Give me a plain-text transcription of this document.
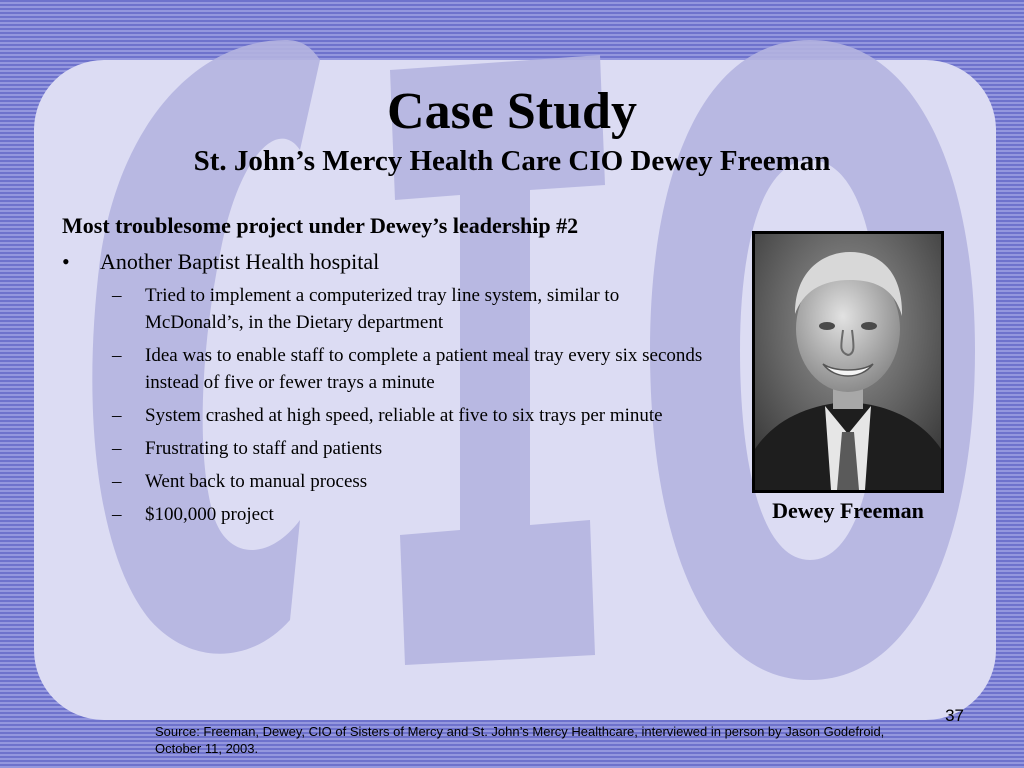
Case Study
St. John’s Mercy Health Care CIO Dewey Freeman
Most troublesome project under Dewey’s leadership #2
•	Another Baptist Health hospital
–	Tried to implement a computerized tray line system, similar to McDonald’s, in the Dietary department
–	Idea was to enable staff to complete a patient meal tray every six seconds instead of five or fewer trays a minute
–	System crashed at high speed, reliable at five to six trays per minute
–	Frustrating to staff and patients
–	Went back to manual process
–	$100,000 project	Dewey Freeman
37
Source: Freeman, Dewey, CIO of Sisters of Mercy and St. John’s Mercy Healthcare, interviewed in person by Jason Godefroid, October 11, 2003.
